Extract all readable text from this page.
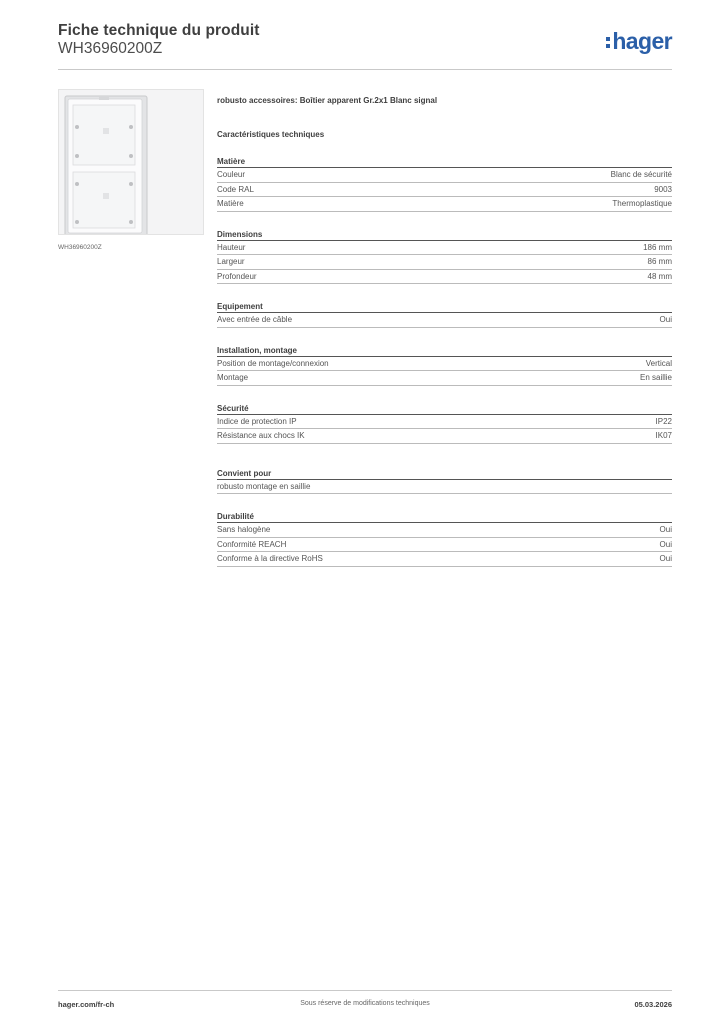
Fiche technique du produit
WH36960200Z	hager
WH36960200Z
robusto accessoires: Boîtier apparent Gr.2x1 Blanc signal
Caractéristiques techniques
Matière
Couleur	Blanc de sécurité
Code RAL	9003
Matière	Thermoplastique
Dimensions
Hauteur	186 mm
Largeur	86 mm
Profondeur	48 mm
Equipement
Avec entrée de câble	Oui
Installation, montage
Position de montage/connexion	Vertical
Montage	En saillie
Sécurité
Indice de protection IP	IP22
Résistance aux chocs IK	IK07
Convient pour
robusto montage en saillie
Durabilité
Sans halogène	Oui
Conformité REACH	Oui
Conforme à la directive RoHS	Oui
hager.com/fr-ch	Sous réserve de modifications techniques	05.03.2026
